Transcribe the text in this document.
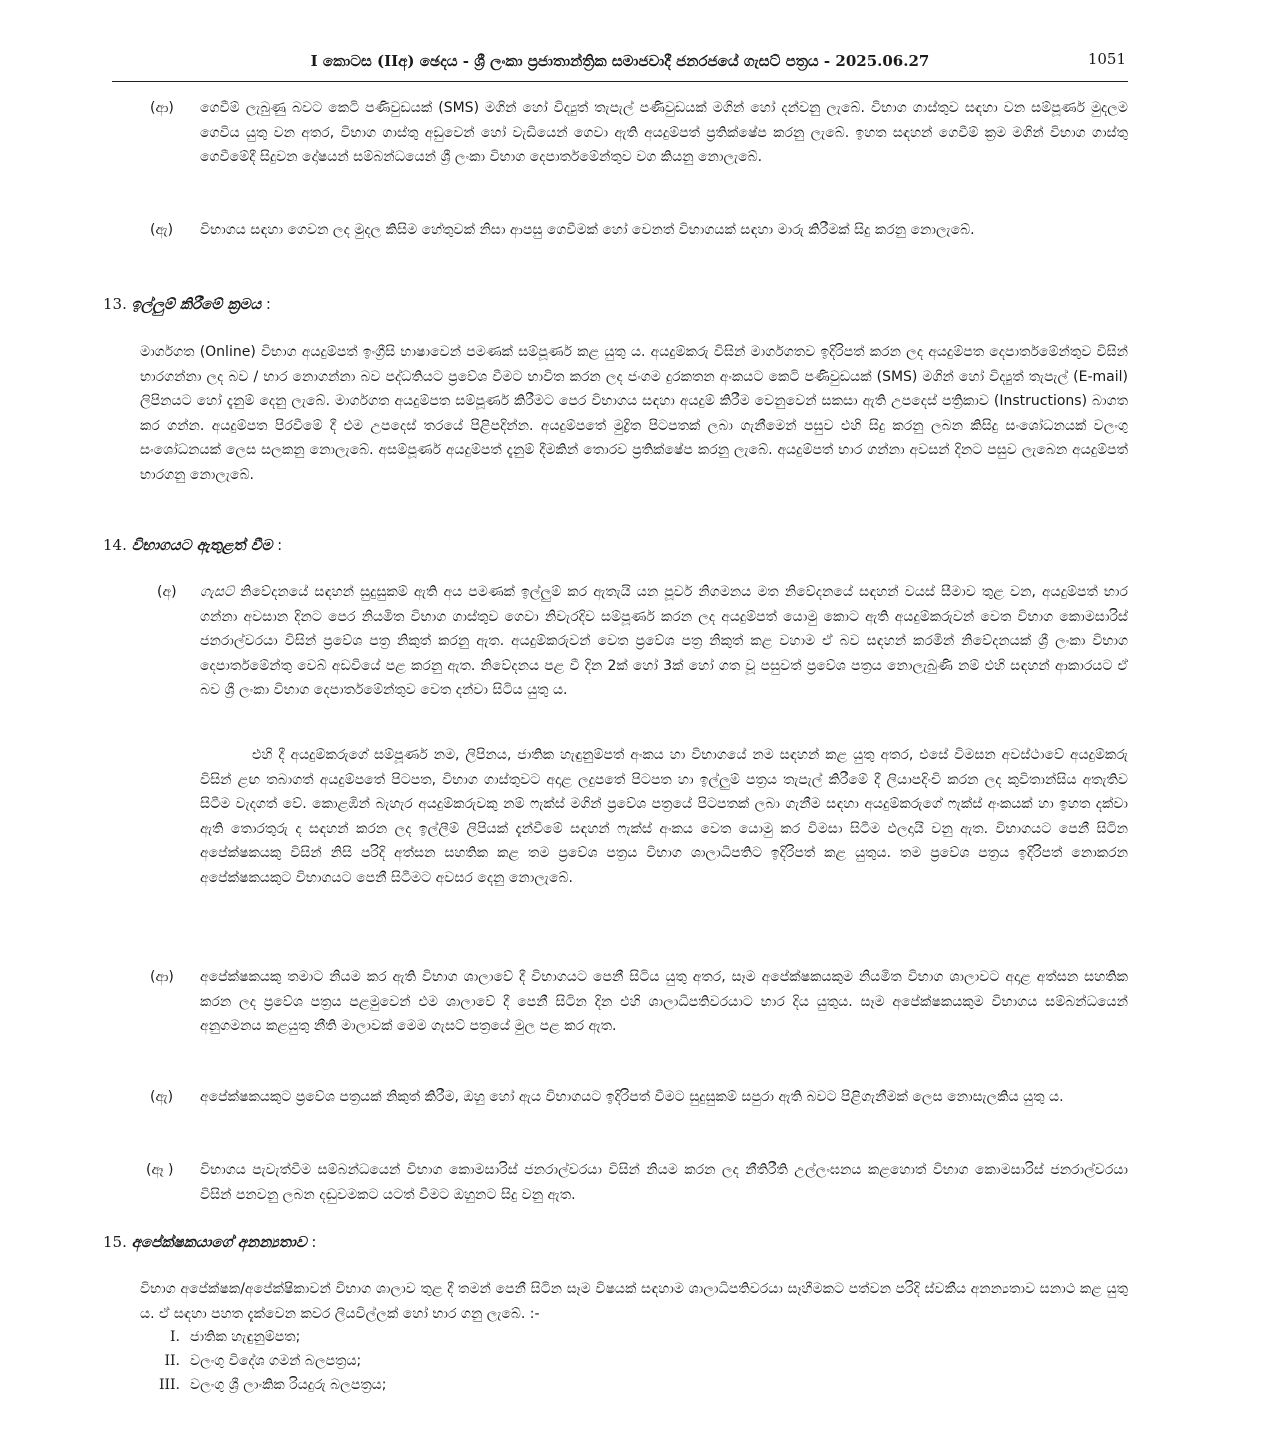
I කොටස (IIඅ) ඡෙදය - ශ්‍රී ලංකා ප්‍රජාතාන්ත්‍රික සමාජවාදී ජනරජයේ ගැසට් පත්‍රය - 2025.06.27	1051
(ආ) ගෙවීම් ලැබුණු බවට කෙටි පණිවුඩයක් (SMS) මගින් හෝ විද්‍යුත් තැපැල් පණිවුඩයක් මගින් හෝ දන්වනු ලැබේ. විභාග ගාස්තුව සඳහා වන සම්පූර්ණ මුදලම ගෙවිය යුතු වන අතර, විභාග ගාස්තු අඩුවෙන් හෝ වැඩියෙන් ගෙවා ඇති අයදුම්පත් ප්‍රතික්ෂේප කරනු ලැබේ. ඉහත සඳහන් ගෙවීම් ක්‍රම මගින් විභාග ගාස්තු ගෙවීමේදී සිදුවන දෝෂයන් සම්බන්ධයෙන් ශ්‍රී ලංකා විභාග දෙපාර්තමේන්තුව වග කියනු නොලැබේ.

(ඇ) විභාගය සඳහා ගෙවන ලද මුදල කිසිම හේතුවක් නිසා ආපසු ගෙවීමක් හෝ වෙනත් විභාගයක් සඳහා මාරු කිරීමක් සිදු කරනු නොලැබේ.

13. ඉල්ලුම් කිරීමේ ක්‍රමය :

මාර්ගගත (Online) විභාග අයදුම්පත් ඉංග්‍රීසි භාෂාවෙන් පමණක් සම්පූර්ණ කළ යුතු ය. අයදුම්කරු විසින් මාර්ගගතව ඉදිරිපත් කරන ලද අයදුම්පත දෙපාර්තමේන්තුව විසින් භාරගන්නා ලද බව / භාර නොගන්නා බව පද්ධතියට ප්‍රවේශ වීමට භාවිත කරන ලද ජංගම දුරකතන අංකයට කෙටි පණිවුඩයක් (SMS) මගින් හෝ විද්‍යුත් තැපැල් (E-mail) ලිපිනයට හෝ දැනුම් දෙනු ලැබේ. මාර්ගගත අයදුම්පත සම්පූර්ණ කිරීමට පෙර විභාගය සඳහා අයදුම් කිරීම වෙනුවෙන් සකසා ඇති උපදෙස් පත්‍රිකාව (Instructions) බාගත කර ගන්න. අයදුම්පත පිරවීමේ දී එම උපදෙස් තරයේ පිළිපදින්න. අයදුම්පතේ මුද්‍රිත පිටපතක් ලබා ගැනීමෙන් පසුව එහි සිදු කරනු ලබන කිසිදු සංශෝධනයක් වලංගු සංශෝධනයක් ලෙස සලකනු නොලැබේ. අසම්පූර්ණ අයදුම්පත් දැනුම් දීමකින් තොරව ප්‍රතික්ෂේප කරනු ලැබේ. අයදුම්පත් භාර ගන්නා අවසන් දිනට පසුව ලැබෙන අයදුම්පත් භාරගනු නොලැබේ.

14. විභාගයට ඇතුළත් වීම :
(අ) ගැසට් නිවේදනයේ සඳහන් සුදුසුකම් ඇති අය පමණක් ඉල්ලුම් කර ඇතැයි යන පූර්ව නිගමනය මත නිවේදනයේ සඳහන් වයස් සීමාව තුළ වන, අයදුම්පත් භාර ගන්නා අවසාන දිනට පෙර නියමිත විභාග ගාස්තුව ගෙවා නිවැරදිව සම්පූර්ණ කරන ලද අයදුම්පත් යොමු කොට ඇති අයදුම්කරුවන් වෙත විභාග කොමසාරිස් ජනරාල්වරයා විසින් ප්‍රවේශ පත්‍ර නිකුත් කරනු ඇත. අයදුම්කරුවන් වෙත ප්‍රවේශ පත්‍ර නිකුත් කළ වහාම ඒ බව සඳහන් කරමින් නිවේදනයක් ශ්‍රී ලංකා විභාග දෙපාර්තමේන්තු වෙබ් අඩවියේ පළ කරනු ඇත. නිවේදනය පළ වී දින 2ක් හෝ 3ක් හෝ ගත වූ පසුවත් ප්‍රවේශ පත්‍රය නොලැබුණි නම් එහි සඳහන් ආකාරයට ඒ බව ශ්‍රී ලංකා විභාග දෙපාර්තමේන්තුව වෙත දන්වා සිටිය යුතු ය.

එහි දී අයදුම්කරුගේ සම්පූර්ණ නම, ලිපිනය, ජාතික හැඳුනුම්පත් අංකය හා විභාගයේ නම සඳහන් කළ යුතු අතර, එසේ විමසන අවස්ථාවේ අයදුම්කරු විසින් ළඟ තබාගත් අයදුම්පතේ පිටපත, විභාග ගාස්තුවට අදාළ ලදුපතේ පිටපත හා ඉල්ලුම් පත්‍රය තැපැල් කිරීමේ දී ලියාපදිංචි කරන ලද කුවිතාන්සිය අතැතිව සිටීම වැදගත් වේ. කොළඹින් බැහැර අයදුම්කරුවකු නම් ෆැක්ස් මගින් ප්‍රවේශ පත්‍රයේ පිටපතක් ලබා ගැනීම සඳහා අයදුම්කරුගේ ෆැක්ස් අංකයක් හා ඉහත දක්වා ඇති තොරතුරු ද සඳහන් කරන ලද ඉල්ලීම් ලිපියක් දැන්වීමේ සඳහන් ෆැක්ස් අංකය වෙත යොමු කර විමසා සිටීම ඵලදායි වනු ඇත. විභාගයට පෙනී සිටින අපේක්ෂකයකු විසින් නිසි පරිදි අත්සන සහතික කළ තම ප්‍රවේශ පත්‍රය විභාග ශාලාධිපතිට ඉදිරිපත් කළ යුතුය. තම ප්‍රවේශ පත්‍රය ඉදිරිපත් නොකරන අපේක්ෂකයකුට විභාගයට පෙනී සිටීමට අවසර දෙනු නොලැබේ.

(ආ) අපේක්ෂකයකු තමාට නියම කර ඇති විභාග ශාලාවේ දී විභාගයට පෙනී සිටිය යුතු අතර, සෑම අපේක්ෂකයකුම නියමිත විභාග ශාලාවට අදාළ අත්සන සහතික කරන ලද ප්‍රවේශ පත්‍රය පළමුවෙන් එම ශාලාවේ දී පෙනී සිටින දින එහි ශාලාධිපතිවරයාට භාර දිය යුතුය. සෑම අපේක්ෂකයකුම විභාගය සම්බන්ධයෙන් අනුගමනය කළයුතු නීති මාලාවක් මෙම ගැසට් පත්‍රයේ මුල පළ කර ඇත.

(ඇ) අපේක්ෂකයකුට ප්‍රවේශ පත්‍රයක් නිකුත් කිරීම, ඔහු හෝ ඇය විභාගයට ඉදිරිපත් වීමට සුදුසුකම් සපුරා ඇති බවට පිළිගැනීමක් ලෙස නොසැලකිය යුතු ය.

(ඈ ) විභාගය පැවැත්වීම සම්බන්ධයෙන් විභාග කොමසාරිස් ජනරාල්වරයා විසින් නියම කරන ලද නීතිරීති උල්ලංඝනය කළහොත් විභාග කොමසාරිස් ජනරාල්වරයා විසින් පනවනු ලබන දඬුවමකට යටත් වීමට ඔහුනට සිදු වනු ඇත.

15. අපේක්ෂකයාගේ අනන්‍යතාව :

විභාග අපේක්ෂක/අපේක්ෂිකාවන් විභාග ශාලාව තුළ දී තමන් පෙනී සිටින සෑම විෂයක් සඳහාම ශාලාධිපතිවරයා සෑහීමකට පත්වන පරිදි ස්වකීය අනන්‍යතාව සනාථ කළ යුතු ය. ඒ සඳහා පහත දැක්වෙන කවර ලියවිල්ලක් හෝ භාර ගනු ලැබේ. :-

I. ජාතික හැඳුනුම්පත;
II. වලංගු විදේශ ගමන් බලපත්‍රය;
III. වලංගු ශ්‍රී ලාංකික රියදුරු බලපත්‍රය;
